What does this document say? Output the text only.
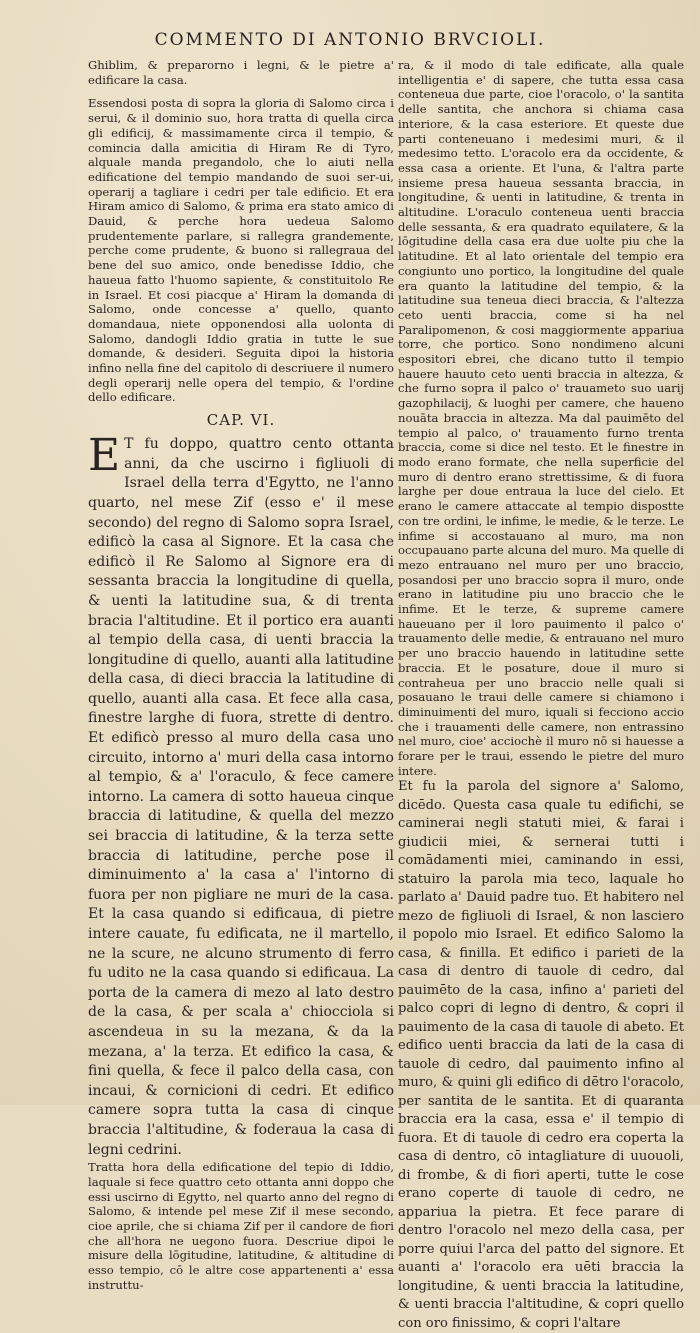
COMMENTO DI ANTONIO BRVCIOLI.

Ghiblim, & preparorno i legni, & le pietre a' edificare la casa.

Essendosi posta di sopra la gloria di Salomo circa i serui, & il dominio suo, hora tratta di quella circa gli edificij, & massimamente circa il tempio, & comincia dalla amicitia di Hiram Re di Tyro, alquale manda pregandolo, che lo aiuti nella edificatione del tempio mandando de suoi ser-ui, operarij a tagliare i cedri per tale edificio. Et era Hiram amico di Salomo, & prima era stato amico di Dauid, & perche hora uedeua Salomo prudentemente parlare, si rallegra grandemente, perche come prudente, & buono si rallegraua del bene del suo amico, onde benedisse Iddio, che haueua fatto l'huomo sapiente, & constituitolo Re in Israel. Et cosi piacque a' Hiram la domanda di Salomo, onde concesse a' quello, quanto domandaua, niete opponendosi alla uolonta di Salomo, dandogli Iddio gratia in tutte le sue domande, & desideri. Seguita dipoi la historia infino nella fine del capitolo di descriuere il numero degli operarij nelle opera del tempio, & l'ordine dello edificare.

CAP. VI.
E T fu doppo, quattro cento ottanta anni, da che uscirno i figliuoli di Israel della terra d'Egytto, ne l'anno quarto, nel mese Zif (esso e' il mese secondo) del regno di Salomo sopra Israel, edificò la casa al Signore. Et la casa che edificò il Re Salomo al Signore era di sessanta braccia la longitudine di quella, & uenti la latitudine sua, & di trenta bracia l'altitudine. Et il portico era auanti al tempio della casa, di uenti braccia la longitudine di quello, auanti alla latitudine della casa, di dieci braccia la latitudine di quello, auanti alla casa. Et fece alla casa, finestre larghe di fuora, strette di dentro. Et edificò presso al muro della casa uno circuito, intorno a' muri della casa intorno al tempio, & a' l'oraculo, & fece camere intorno. La camera di sotto haueua cinque braccia di latitudine, & quella del mezzo sei braccia di latitudine, & la terza sette braccia di latitudine, perche pose il diminuimento a' la casa a' l'intorno di fuora per non pigliare ne muri de la casa. Et la casa quando si edificaua, di pietre intere cauate, fu edificata, ne il martello, ne la scure, ne alcuno strumento di ferro fu udito ne la casa quando si edificaua. La porta de la camera di mezo al lato destro de la casa, & per scala a' chiocciola si ascendeua in su la mezana, & da la mezana, a' la terza. Et edifico la casa, & fini quella, & fece il palco della casa, con incaui, & cornicioni di cedri. Et edifico camere sopra tutta la casa di cinque braccia l'altitudine, & foderaua la casa di legni cedrini.

Tratta hora della edificatione del tepio di Iddio, laquale si fece quattro ceto ottanta anni doppo che essi uscirno di Egytto, nel quarto anno del regno di Salomo, & intende pel mese Zif il mese secondo, cioe aprile, che si chiama Zif per il candore de fiori che all'hora ne uegono fuora. Descriue dipoi le misure della lōgitudine, latitudine, & altitudine di esso tempio, cō le altre cose appartenenti a' essa instruttu-

ra, & il modo di tale edificate, alla quale intelligentia e' di sapere, che tutta essa casa conteneua due parte, cioe l'oracolo, o' la santita delle santita, che anchora si chiama casa interiore, & la casa esteriore. Et queste due parti conteneuano i medesimi muri, & il medesimo tetto. L'oracolo era da occidente, & essa casa a oriente. Et l'una, & l'altra parte insieme presa haueua sessanta braccia, in longitudine, & uenti in latitudine, & trenta in altitudine. L'oraculo conteneua uenti braccia delle sessanta, & era quadrato equilatere, & la lōgitudine della casa era due uolte piu che la latitudine. Et al lato orientale del tempio era congiunto uno portico, la longitudine del quale era quanto la latitudine del tempio, & la latitudine sua teneua dieci braccia, & l'altezza ceto uenti braccia, come si ha nel Paralipomenon, & cosi maggiormente appariua torre, che portico. Sono nondimeno alcuni espositori ebrei, che dicano tutto il tempio hauere hauuto ceto uenti braccia in altezza, & che furno sopra il palco o' trauameto suo uarij gazophilacij, & luoghi per camere, che haueno nouāta braccia in altezza. Ma dal pauimēto del tempio al palco, o' trauamento furno trenta braccia, come si dice nel testo. Et le finestre in modo erano formate, che nella superficie del muro di dentro erano strettissime, & di fuora larghe per doue entraua la luce del cielo. Et erano le camere attaccate al tempio dispostte con tre ordini, le infime, le medie, & le terze. Le infime si accostauano al muro, ma non occupauano parte alcuna del muro. Ma quelle di mezo entrauano nel muro per uno braccio, posandosi per uno braccio sopra il muro, onde erano in latitudine piu uno braccio che le infime. Et le terze, & supreme camere haueuano per il loro pauimento il palco o' trauamento delle medie, & entrauano nel muro per uno braccio hauendo in latitudine sette braccia. Et le posature, doue il muro si contraheua per uno braccio nelle quali si posauano le traui delle camere si chiamono i diminuimenti del muro, iquali si fecciono accio che i trauamenti delle camere, non entrassino nel muro, cioe' acciochè il muro nō si hauesse a forare per le traui, essendo le pietre del muro intere.

Et fu la parola del signore a' Salomo, dicēdo. Questa casa quale tu edifichi, se caminerai negli statuti miei, & farai i giudicii miei, & sernerai tutti i comādamenti miei, caminando in essi, statuiro la parola mia teco, laquale ho parlato a' Dauid padre tuo. Et habitero nel mezo de figliuoli di Israel, & non lasciero il popolo mio Israel. Et edifico Salomo la casa, & finilla. Et edifico i parieti de la casa di dentro di tauole di cedro, dal pauimēto de la casa, infino a' parieti del palco copri di legno di dentro, & copri il pauimento de la casa di tauole di abeto. Et edifico uenti braccia da lati de la casa di tauole di cedro, dal pauimento infino al muro, & quini gli edifico di dētro l'oracolo, per santita de le santita. Et di quaranta braccia era la casa, essa e' il tempio di fuora. Et di tauole di cedro era coperta la casa di dentro, cō intagliature di uuouoli, di frombe, & di fiori aperti, tutte le cose erano coperte di tauole di cedro, ne appariua la pietra. Et fece parare di dentro l'oracolo nel mezo della casa, per porre quiui l'arca del patto del signore. Et auanti a' l'oracolo era uēti braccia la longitudine, & uenti braccia la latitudine, & uenti braccia l'altitudine, & copri quello con oro finissimo, & copri l'altare
